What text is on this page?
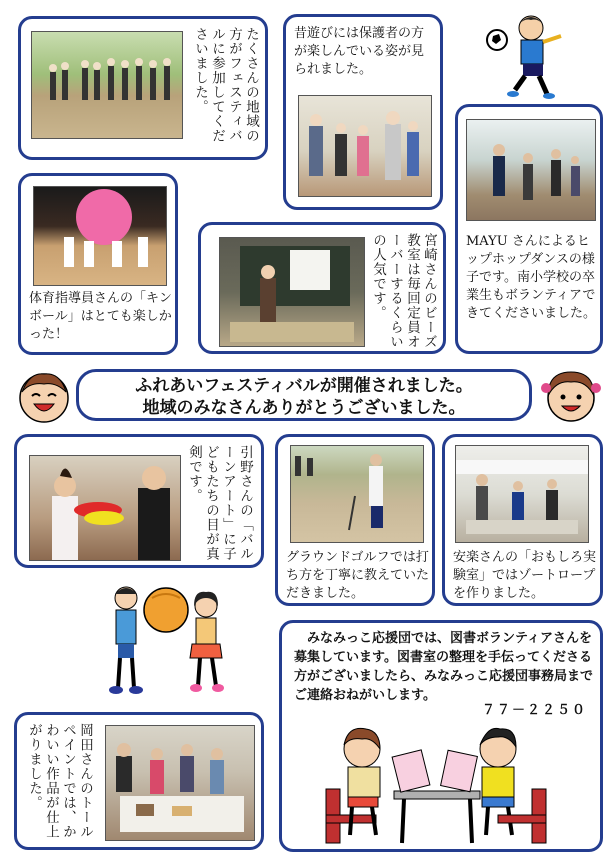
たくさんの地域の方がフェスティバルに参加してくださいました。	昔遊びには保護者の方が楽しんでいる姿が見られました。
体育指導員さんの「キンボール」はとても楽しかった！	宮崎さんのビーズ教室は毎回定員オーバーするくらいの人気です。	MAYU さんによるヒップホップダンスの様子です。南小学校の卒業生もボランティアできてくださいました。
ふれあいフェスティバルが開催されました。
地域のみなさんありがとうございました。
引野さんの「バルーンアート」に子どもたちの目が真剣です。
グラウンドゴルフでは打ち方を丁寧に教えていただきました。
安楽さんの「おもしろ実験室」ではゾートロープを作りました。
岡田さんのトールペイントでは、かわいい作品が仕上がりました。
みなみっこ応援団では、図書ボランティアさんを募集しています。図書室の整理を手伝ってくださる方がございましたら、みなみっこ応援団事務局までご連絡おねがいします。
７７－２２５０
